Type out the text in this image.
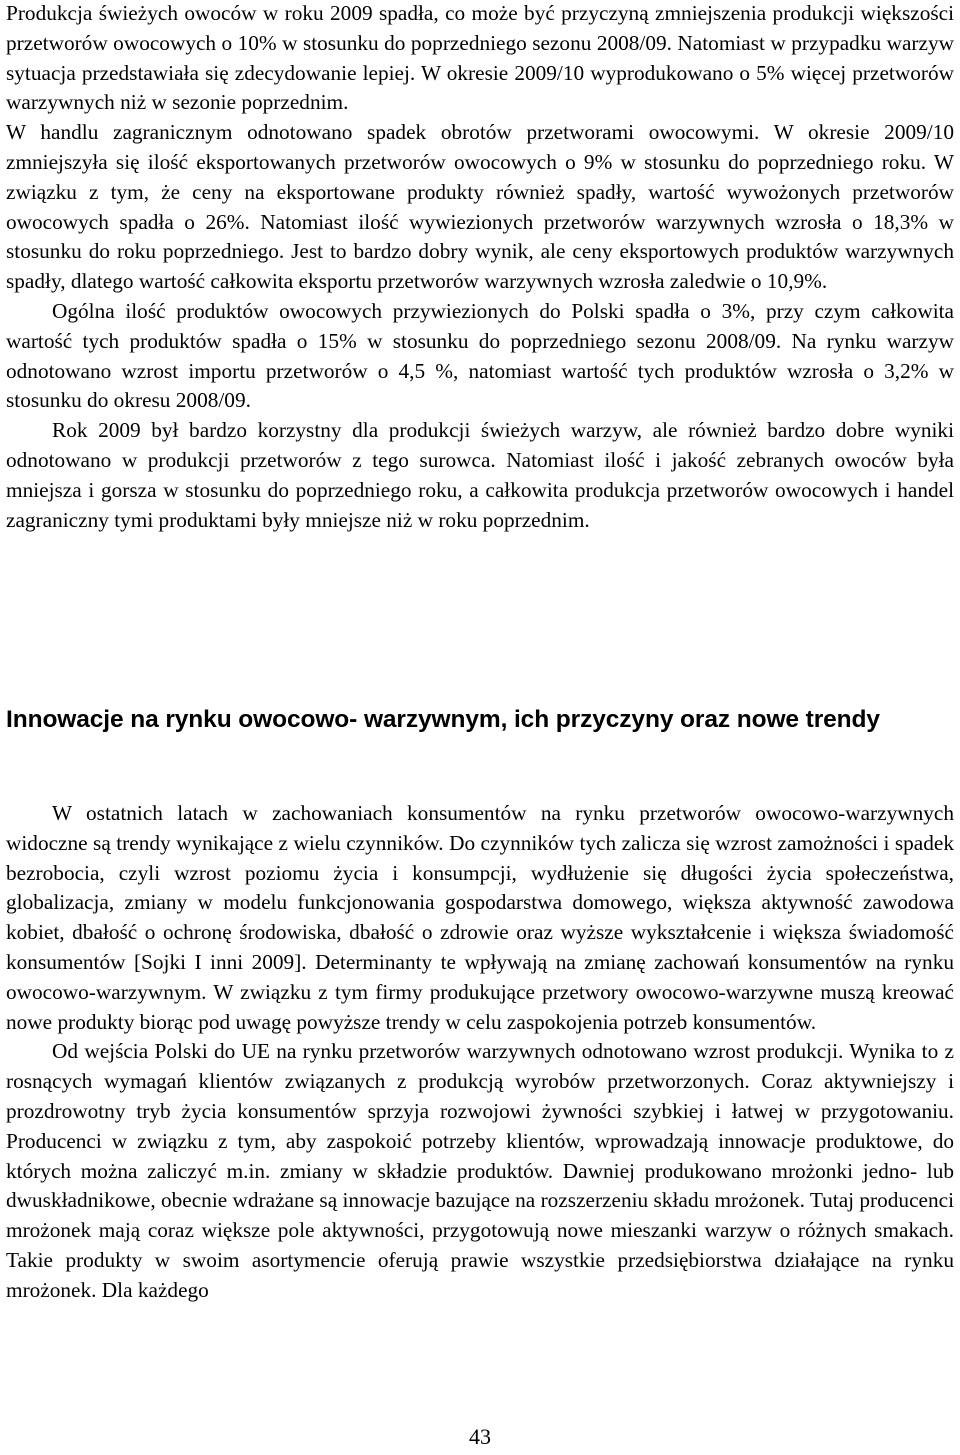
Produkcja świeżych owoców w roku 2009 spadła, co może być przyczyną zmniejszenia produkcji większości przetworów owocowych o 10% w stosunku do poprzedniego sezonu 2008/09. Natomiast w przypadku warzyw sytuacja przedstawiała się zdecydowanie lepiej. W okresie 2009/10 wyprodukowano o 5% więcej przetworów warzywnych niż w sezonie poprzednim.

W handlu zagranicznym odnotowano spadek obrotów przetworami owocowymi. W okresie 2009/10 zmniejszyła się ilość eksportowanych przetworów owocowych o 9% w stosunku do poprzedniego roku. W związku z tym, że ceny na eksportowane produkty również spadły, wartość wywożonych przetworów owocowych spadła o 26%. Natomiast ilość wywiezionych przetworów warzywnych wzrosła o 18,3% w stosunku do roku poprzedniego. Jest to bardzo dobry wynik, ale ceny eksportowych produktów warzywnych spadły, dlatego wartość całkowita eksportu przetworów warzywnych wzrosła zaledwie o 10,9%.

Ogólna ilość produktów owocowych przywiezionych do Polski spadła o 3%, przy czym całkowita wartość tych produktów spadła o 15% w stosunku do poprzedniego sezonu 2008/09. Na rynku warzyw odnotowano wzrost importu przetworów o 4,5 %, natomiast wartość tych produktów wzrosła o 3,2% w stosunku do okresu 2008/09.

Rok 2009 był bardzo korzystny dla produkcji świeżych warzyw, ale również bardzo dobre wyniki odnotowano w produkcji przetworów z tego surowca. Natomiast ilość i jakość zebranych owoców była mniejsza i gorsza w stosunku do poprzedniego roku, a całkowita produkcja przetworów owocowych i handel zagraniczny tymi produktami były mniejsze niż w roku poprzednim.

Innowacje na rynku owocowo- warzywnym, ich przyczyny oraz nowe trendy

W ostatnich latach w zachowaniach konsumentów na rynku przetworów owocowo-warzywnych widoczne są trendy wynikające z wielu czynników. Do czynników tych zalicza się wzrost zamożności i spadek bezrobocia, czyli wzrost poziomu życia i konsumpcji, wydłużenie się długości życia społeczeństwa, globalizacja, zmiany w modelu funkcjonowania gospodarstwa domowego, większa aktywność zawodowa kobiet, dbałość o ochronę środowiska, dbałość o zdrowie oraz wyższe wykształcenie i większa świadomość konsumentów [Sojki I inni 2009]. Determinanty te wpływają na zmianę zachowań konsumentów na rynku owocowo-warzywnym. W związku z tym firmy produkujące przetwory owocowo-warzywne muszą kreować nowe produkty biorąc pod uwagę powyższe trendy w celu zaspokojenia potrzeb konsumentów.

Od wejścia Polski do UE na rynku przetworów warzywnych odnotowano wzrost produkcji. Wynika to z rosnących wymagań klientów związanych z produkcją wyrobów przetworzonych. Coraz aktywniejszy i prozdrowotny tryb życia konsumentów sprzyja rozwojowi żywności szybkiej i łatwej w przygotowaniu. Producenci w związku z tym, aby zaspokoić potrzeby klientów, wprowadzają innowacje produktowe, do których można zaliczyć m.in. zmiany w składzie produktów. Dawniej produkowano mrożonki jedno- lub dwuskładnikowe, obecnie wdrażane są innowacje bazujące na rozszerzeniu składu mrożonek. Tutaj producenci mrożonek mają coraz większe pole aktywności, przygotowują nowe mieszanki warzyw o różnych smakach. Takie produkty w swoim asortymencie oferują prawie wszystkie przedsiębiorstwa działające na rynku mrożonek. Dla każdego

43
